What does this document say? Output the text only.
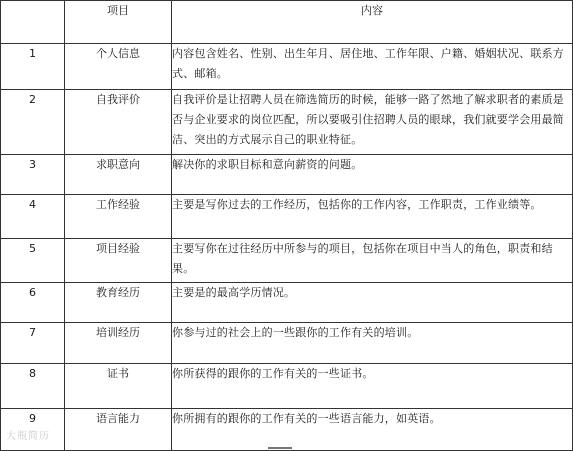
	项目	内容
1	个人信息	内容包含姓名、性别、出生年月、居住地、工作年限、户籍、婚姻状况、联系方式、邮箱。
2	自我评价	自我评价是让招聘人员在筛选简历的时候，能够一路了然地了解求职者的素质是否与企业要求的岗位匹配，所以要吸引住招聘人员的眼球，我们就要学会用最简洁、突出的方式展示自己的职业特征。
3	求职意向	解决你的求职目标和意向薪资的问题。
4	工作经验	主要是写你过去的工作经历，包括你的工作内容，工作职责，工作业绩等。
5	项目经验	主要写你在过往经历中所参与的项目，包括你在项目中当人的角色，职责和结果。
6	教育经历	主要是的最高学历情况。
7	培训经历	你参与过的社会上的一些跟你的工作有关的培训。
8	证书	你所获得的跟你的工作有关的一些证书。
9	语言能力	你所拥有的跟你的工作有关的一些语言能力，如英语。
大瓶简历
